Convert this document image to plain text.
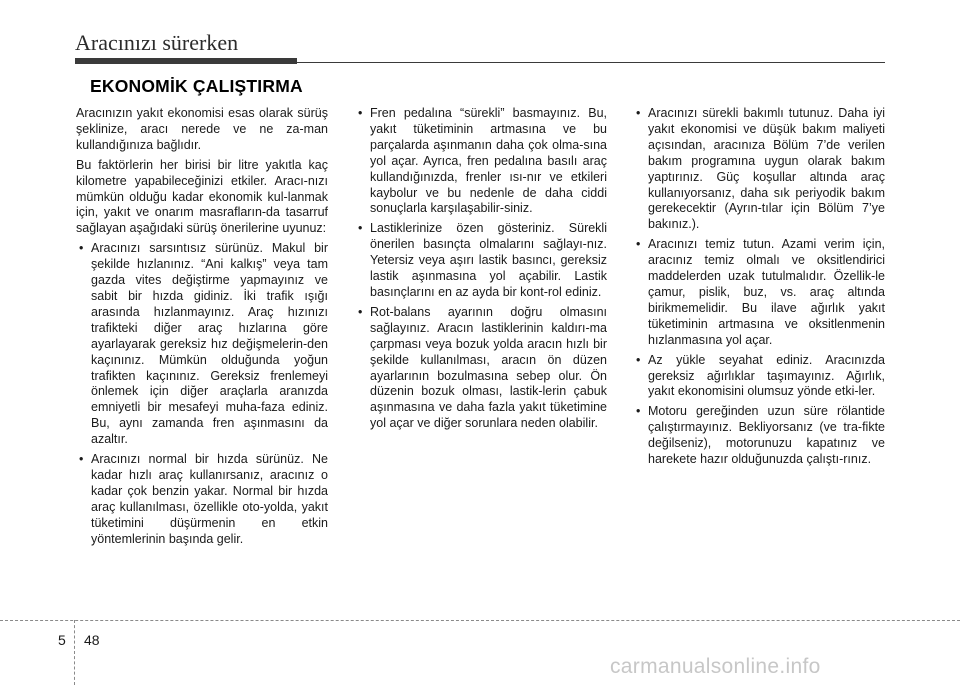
Aracınızı sürerken
EKONOMİK ÇALIŞTIRMA

Aracınızın yakıt ekonomisi esas olarak sürüş şeklinize, aracı nerede ve ne za-man kullandığınıza bağlıdır.

Bu faktörlerin her birisi bir litre yakıtla kaç kilometre yapabileceğinizi etkiler. Aracı-nızı mümkün olduğu kadar ekonomik kul-lanmak için, yakıt ve onarım masrafların-da tasarruf sağlayan aşağıdaki sürüş önerilerine uyunuz:

• Aracınızı sarsıntısız sürünüz. Makul bir şekilde hızlanınız. “Ani kalkış” veya tam gazda vites değiştirme yapmayınız ve sabit bir hızda gidiniz. İki trafik ışığı arasında hızlanmayınız. Araç hızınızı trafikteki diğer araç hızlarına göre ayarlayarak gereksiz hız değişmelerin-den kaçınınız. Mümkün olduğunda yoğun trafikten kaçınınız. Gereksiz frenlemeyi önlemek için diğer araçlarla aranızda emniyetli bir mesafeyi muha-faza ediniz. Bu, aynı zamanda fren aşınmasını da azaltır.
• Aracınızı normal bir hızda sürünüz. Ne kadar hızlı araç kullanırsanız, aracınız o kadar çok benzin yakar. Normal bir hızda araç kullanılması, özellikle oto-yolda, yakıt tüketimini düşürmenin en etkin yöntemlerinin başında gelir.
• Fren pedalına “sürekli” basmayınız. Bu, yakıt tüketiminin artmasına ve bu parçalarda aşınmanın daha çok olma-sına yol açar. Ayrıca, fren pedalına basılı araç kullandığınızda, frenler ısı-nır ve etkileri kaybolur ve bu nedenle de daha ciddi sonuçlarla karşılaşabilir-siniz.
• Lastiklerinize özen gösteriniz. Sürekli önerilen basınçta olmalarını sağlayı-nız. Yetersiz veya aşırı lastik basıncı, gereksiz lastik aşınmasına yol açabilir. Lastik basınçlarını en az ayda bir kont-rol ediniz.
• Rot-balans ayarının doğru olmasını sağlayınız. Aracın lastiklerinin kaldırı-ma çarpması veya bozuk yolda aracın hızlı bir şekilde kullanılması, aracın ön düzen ayarlarının bozulmasına sebep olur. Ön düzenin bozuk olması, lastik-lerin çabuk aşınmasına ve daha fazla yakıt tüketimine yol açar ve diğer sorunlara neden olabilir.
• Aracınızı sürekli bakımlı tutunuz. Daha iyi yakıt ekonomisi ve düşük bakım maliyeti açısından, aracınıza Bölüm 7’de verilen bakım programına uygun olarak bakım yaptırınız. Güç koşullar altında araç kullanıyorsanız, daha sık periyodik bakım gerekecektir (Ayrın-tılar için Bölüm 7’ye bakınız.).
• Aracınızı temiz tutun. Azami verim için, aracınız temiz olmalı ve oksitlendirici maddelerden uzak tutulmalıdır. Özellik-le çamur, pislik, buz, vs. araç altında birikmemelidir. Bu ilave ağırlık yakıt tüketiminin artmasına ve oksitlenmenin hızlanmasına yol açar.
• Az yükle seyahat ediniz. Aracınızda gereksiz ağırlıklar taşımayınız. Ağırlık, yakıt ekonomisini olumsuz yönde etki-ler.
• Motoru gereğinden uzun süre rölantide çalıştırmayınız. Bekliyorsanız (ve tra-fikte değilseniz), motorunuzu kapatınız ve harekete hazır olduğunuzda çalıştı-rınız.
5 48
carmanualsonline.info
